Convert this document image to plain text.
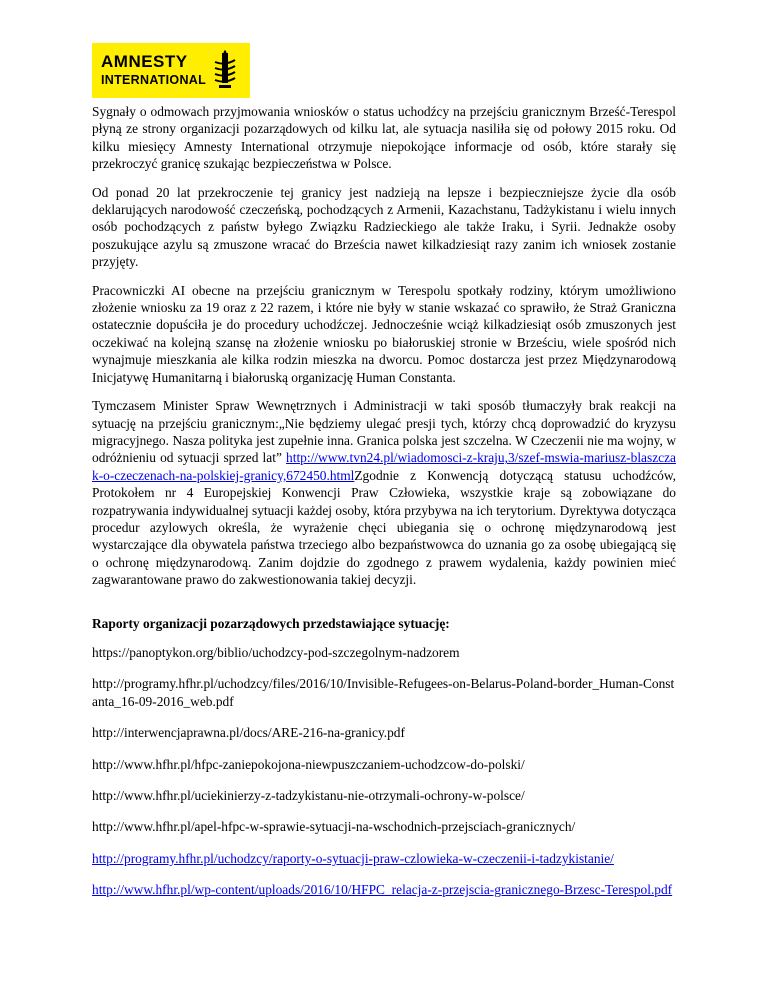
AMNESTY
INTERNATIONAL

Sygnały o odmowach przyjmowania wniosków o status uchodźcy na przejściu granicznym Brześć-Terespol płyną ze strony organizacji pozarządowych od kilku lat, ale sytuacja nasiliła się od połowy 2015 roku. Od kilku miesięcy Amnesty International otrzymuje niepokojące informacje od osób, które starały się przekroczyć granicę szukając bezpieczeństwa w Polsce.

Od ponad 20 lat przekroczenie tej granicy jest nadzieją na lepsze i bezpieczniejsze życie dla osób deklarujących narodowość czeczeńską, pochodzących z Armenii, Kazachstanu, Tadżykistanu i wielu innych osób pochodzących z państw byłego Związku Radzieckiego ale także Iraku, i Syrii. Jednakże osoby poszukujące azylu są zmuszone wracać do Brześcia nawet kilkadziesiąt razy zanim ich wniosek zostanie przyjęty.

Pracowniczki AI obecne na przejściu granicznym w Terespolu spotkały rodziny, którym umożliwiono złożenie wniosku za 19 oraz z 22 razem, i które nie były w stanie wskazać co sprawiło, że Straż Graniczna ostatecznie dopuściła je do procedury uchodźczej. Jednocześnie wciąż kilkadziesiąt osób zmuszonych jest oczekiwać na kolejną szansę na złożenie wniosku po białoruskiej stronie w Brześciu, wiele spośród nich wynajmuje mieszkania ale kilka rodzin mieszka na dworcu. Pomoc dostarcza jest przez Międzynarodową Inicjatywę Humanitarną i białoruską organizację Human Constanta.

Tymczasem Minister Spraw Wewnętrznych i Administracji w taki sposób tłumaczyły brak reakcji na sytuację na przejściu granicznym:„Nie będziemy ulegać presji tych, którzy chcą doprowadzić do kryzysu migracyjnego. Nasza polityka jest zupełnie inna. Granica polska jest szczelna. W Czeczenii nie ma wojny, w odróżnieniu od sytuacji sprzed lat” http://www.tvn24.pl/wiadomosci-z-kraju,3/szef-mswia-mariusz-blaszczak-o-czeczenach-na-polskiej-granicy,672450.htmlZgodnie z Konwencją dotyczącą statusu uchodźców, Protokołem nr 4 Europejskiej Konwencji Praw Człowieka, wszystkie kraje są zobowiązane do rozpatrywania indywidualnej sytuacji każdej osoby, która przybywa na ich terytorium. Dyrektywa dotycząca procedur azylowych określa, że wyrażenie chęci ubiegania się o ochronę międzynarodową jest wystarczające dla obywatela państwa trzeciego albo bezpaństwowca do uznania go za osobę ubiegającą się o ochronę międzynarodową. Zanim dojdzie do zgodnego z prawem wydalenia, każdy powinien mieć zagwarantowane prawo do zakwestionowania takiej decyzji.

Raporty organizacji pozarządowych przedstawiające sytuację:

https://panoptykon.org/biblio/uchodzcy-pod-szczegolnym-nadzorem

http://programy.hfhr.pl/uchodzcy/files/2016/10/Invisible-Refugees-on-Belarus-Poland-border_Human-Constanta_16-09-2016_web.pdf

http://interwencjaprawna.pl/docs/ARE-216-na-granicy.pdf

http://www.hfhr.pl/hfpc-zaniepokojona-niewpuszczaniem-uchodzcow-do-polski/

http://www.hfhr.pl/uciekinierzy-z-tadzykistanu-nie-otrzymali-ochrony-w-polsce/

http://www.hfhr.pl/apel-hfpc-w-sprawie-sytuacji-na-wschodnich-przejsciach-granicznych/

http://programy.hfhr.pl/uchodzcy/raporty-o-sytuacji-praw-czlowieka-w-czeczenii-i-tadzykistanie/

http://www.hfhr.pl/wp-content/uploads/2016/10/HFPC_relacja-z-przejscia-granicznego-Brzesc-Terespol.pdf
